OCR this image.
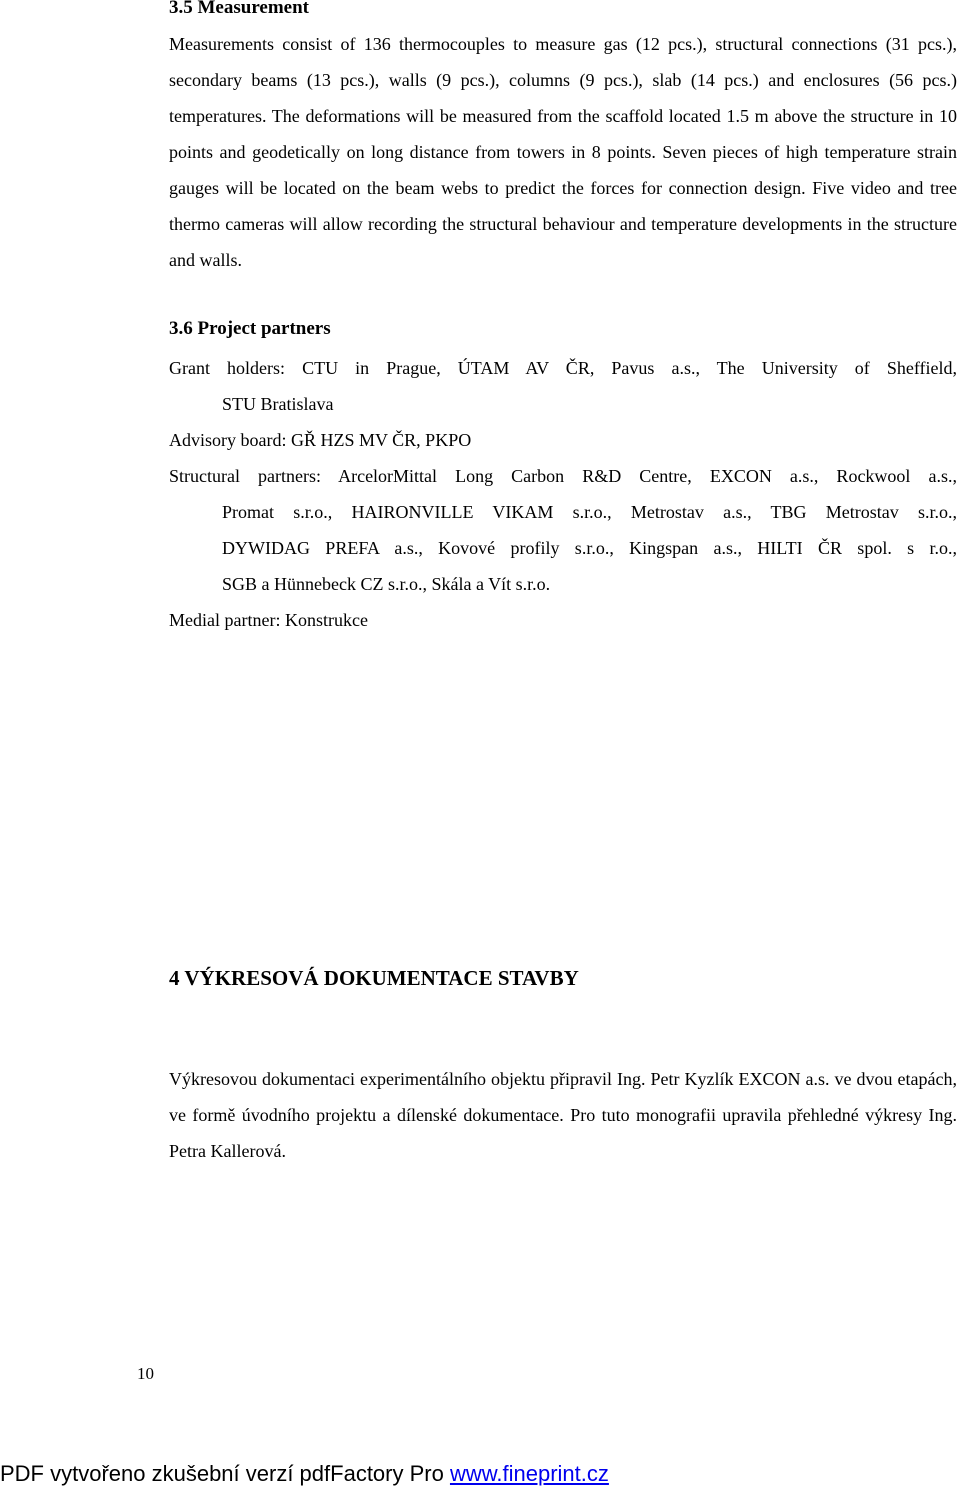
3.5 Measurement

Measurements consist of 136 thermocouples to measure gas (12 pcs.), structural connections (31 pcs.), secondary beams (13 pcs.), walls (9 pcs.), columns (9 pcs.), slab (14 pcs.) and enclosures (56 pcs.) temperatures. The deformations will be measured from the scaffold located 1.5 m above the structure in 10 points and geodetically on long distance from towers in 8 points. Seven pieces of high temperature strain gauges will be located on the beam webs to predict the forces for connection design. Five video and tree thermo cameras will allow recording the structural behaviour and temperature developments in the structure and walls.

3.6 Project partners

Grant holders: CTU in Prague, ÚTAM AV ČR, Pavus a.s., The University of Sheffield,

STU Bratislava

Advisory board: GŘ HZS MV ČR, PKPO

Structural partners: ArcelorMittal Long Carbon R&D Centre, EXCON a.s., Rockwool a.s.,

Promat s.r.o., HAIRONVILLE VIKAM s.r.o., Metrostav a.s., TBG Metrostav s.r.o.,

DYWIDAG PREFA a.s., Kovové profily s.r.o., Kingspan a.s., HILTI ČR spol. s r.o.,

SGB a Hünnebeck CZ s.r.o., Skála a Vít s.r.o.

Medial partner: Konstrukce

4 VÝKRESOVÁ DOKUMENTACE STAVBY

Výkresovou dokumentaci experimentálního objektu připravil Ing. Petr Kyzlík EXCON a.s. ve dvou etapách, ve formě úvodního projektu a dílenské dokumentace. Pro tuto monografii upravila přehledné výkresy Ing. Petra Kallerová.

10

PDF vytvořeno zkušební verzí pdfFactory Pro www.fineprint.cz
